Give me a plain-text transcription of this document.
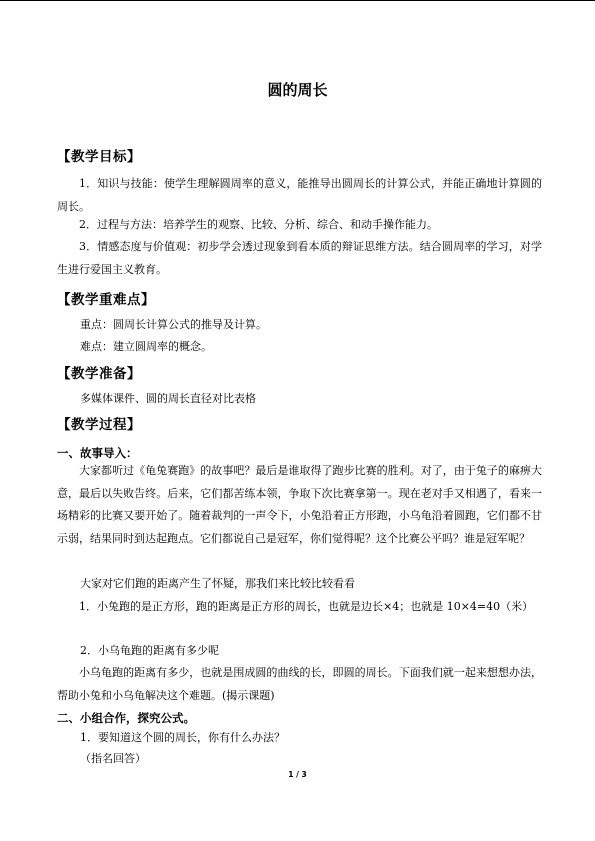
圆的周长
【教学目标】
1．知识与技能：使学生理解圆周率的意义，能推导出圆周长的计算公式，并能正确地计算圆的周长。
2．过程与方法：培养学生的观察、比较、分析、综合、和动手操作能力。
3．情感态度与价值观：初步学会透过现象到看本质的辩证思维方法。结合圆周率的学习，对学生进行爱国主义教育。
【教学重难点】
重点：圆周长计算公式的推导及计算。
难点：建立圆周率的概念。
【教学准备】
多媒体课件、圆的周长直径对比表格
【教学过程】
一、故事导入：
大家都听过《龟兔赛跑》的故事吧？最后是谁取得了跑步比赛的胜利。对了，由于兔子的麻痹大意，最后以失败告终。后来，它们都苦练本领，争取下次比赛拿第一。现在老对手又相遇了，看来一场精彩的比赛又要开始了。随着裁判的一声令下，小兔沿着正方形跑，小乌龟沿着圆跑，它们都不甘示弱，结果同时到达起跑点。它们都说自己是冠军，你们觉得呢？这个比赛公平吗？谁是冠军呢？
大家对它们跑的距离产生了怀疑，那我们来比较比较看看
1．小兔跑的是正方形，跑的距离是正方形的周长，也就是边长×4；也就是 10×4=40（米）
2．小乌龟跑的距离有多少呢
小乌龟跑的距离有多少，也就是围成圆的曲线的长，即圆的周长。下面我们就一起来想想办法，帮助小兔和小乌龟解决这个难题。(揭示课题)
二、小组合作，探究公式。
1．要知道这个圆的周长，你有什么办法？
（指名回答）
1 / 3
